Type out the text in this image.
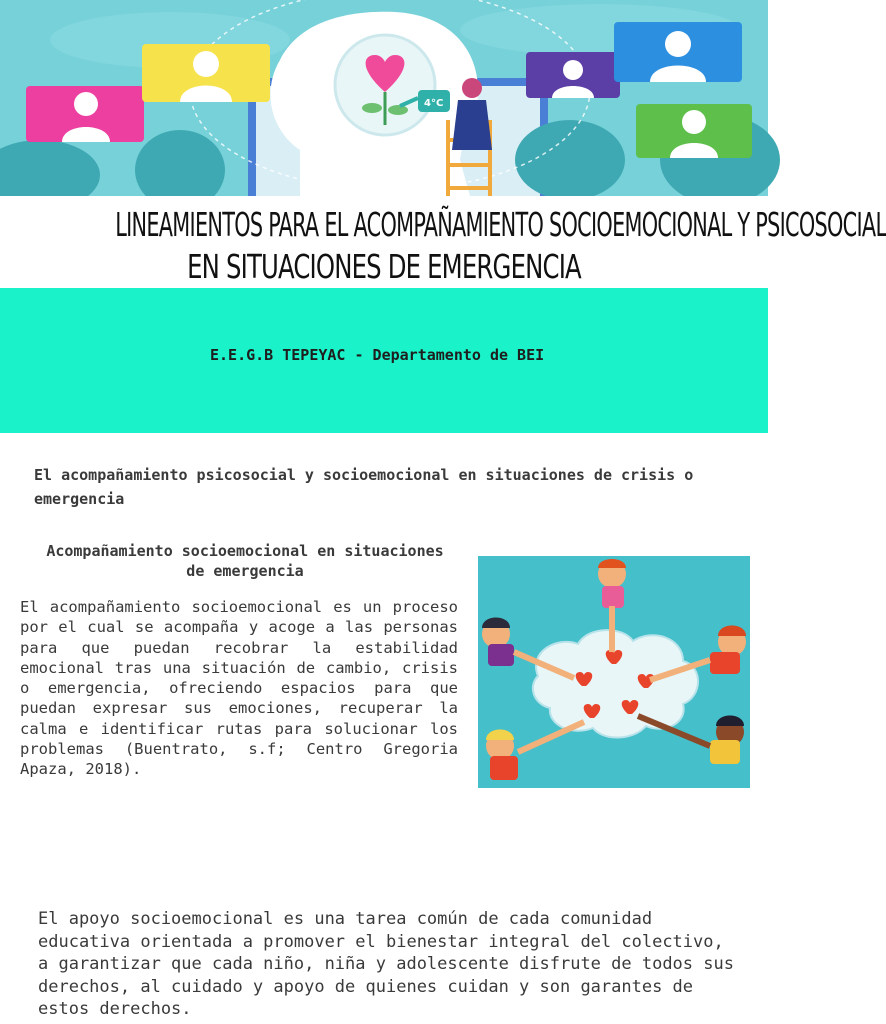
4°C
LINEAMIENTOS PARA EL ACOMPAÑAMIENTO SOCIOEMOCIONAL Y PSICOSOCIAL
EN SITUACIONES DE EMERGENCIA
E.E.G.B TEPEYAC - Departamento de BEI
El acompañamiento psicosocial y socioemocional en situaciones de crisis o emergencia
Acompañamiento socioemocional en situaciones de emergencia
El acompañamiento socioemocional es un proceso por el cual se acompaña y acoge a las personas para que puedan recobrar la estabilidad emocional tras una situación de cambio, crisis o emergencia, ofreciendo espacios para que puedan expresar sus emociones, recuperar la calma e identificar rutas para solucionar los problemas (Buentrato, s.f; Centro Gregoria Apaza, 2018).
El apoyo socioemocional es una tarea común de cada comunidad educativa orientada a promover el bienestar integral del colectivo, a garantizar que cada niño, niña y adolescente disfrute de todos sus derechos, al cuidado y apoyo de quienes cuidan y son garantes de estos derechos.
